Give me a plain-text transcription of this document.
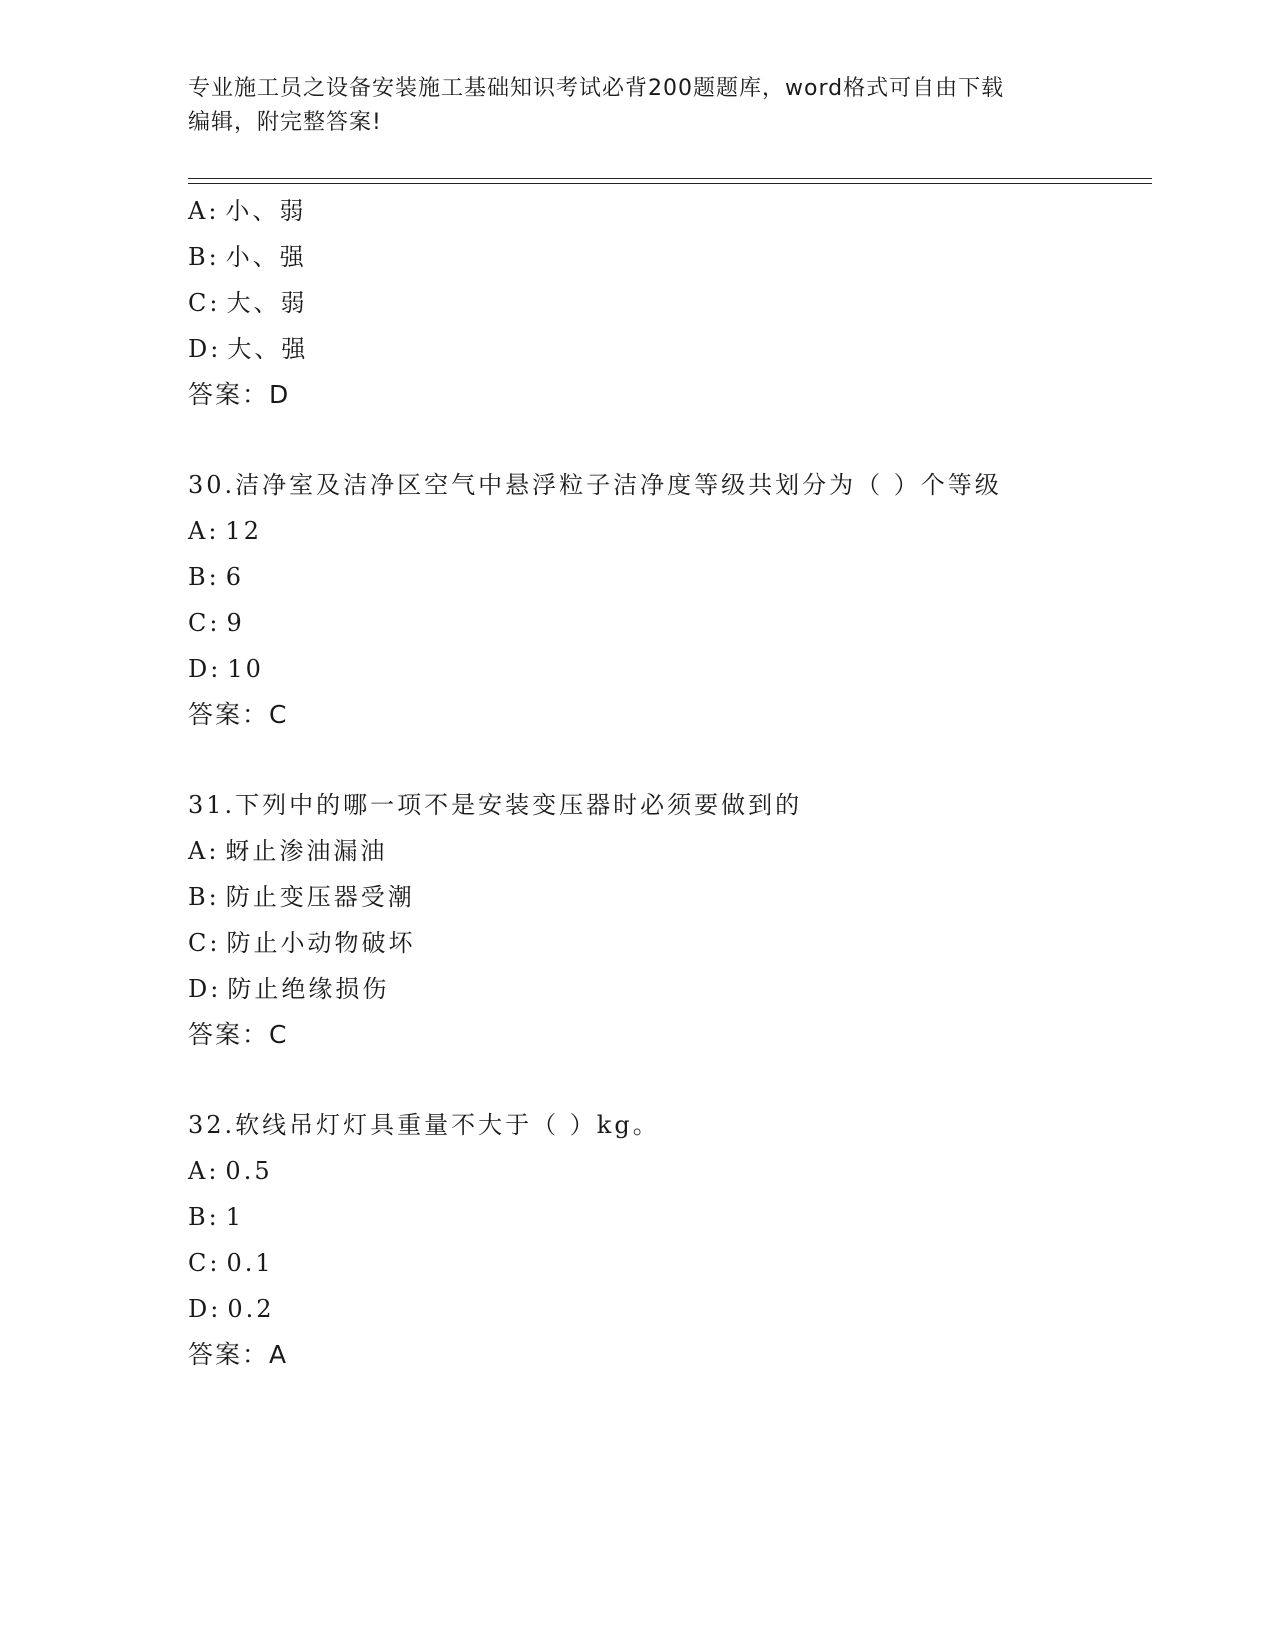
专业施工员之设备安装施工基础知识考试必背200题题库，word格式可自由下载
编辑，附完整答案!
A: 小、弱
B: 小、强
C: 大、弱
D: 大、强
答案：D
30.洁净室及洁净区空气中悬浮粒子洁净度等级共划分为（ ）个等级
A: 12
B: 6
C: 9
D: 10
答案：C
31.下列中的哪一项不是安装变压器时必须要做到的
A: 蚜止渗油漏油
B: 防止变压器受潮
C: 防止小动物破坏
D: 防止绝缘损伤
答案：C
32.软线吊灯灯具重量不大于（ ）kg。
A: 0.5
B: 1
C: 0.1
D: 0.2
答案：A
